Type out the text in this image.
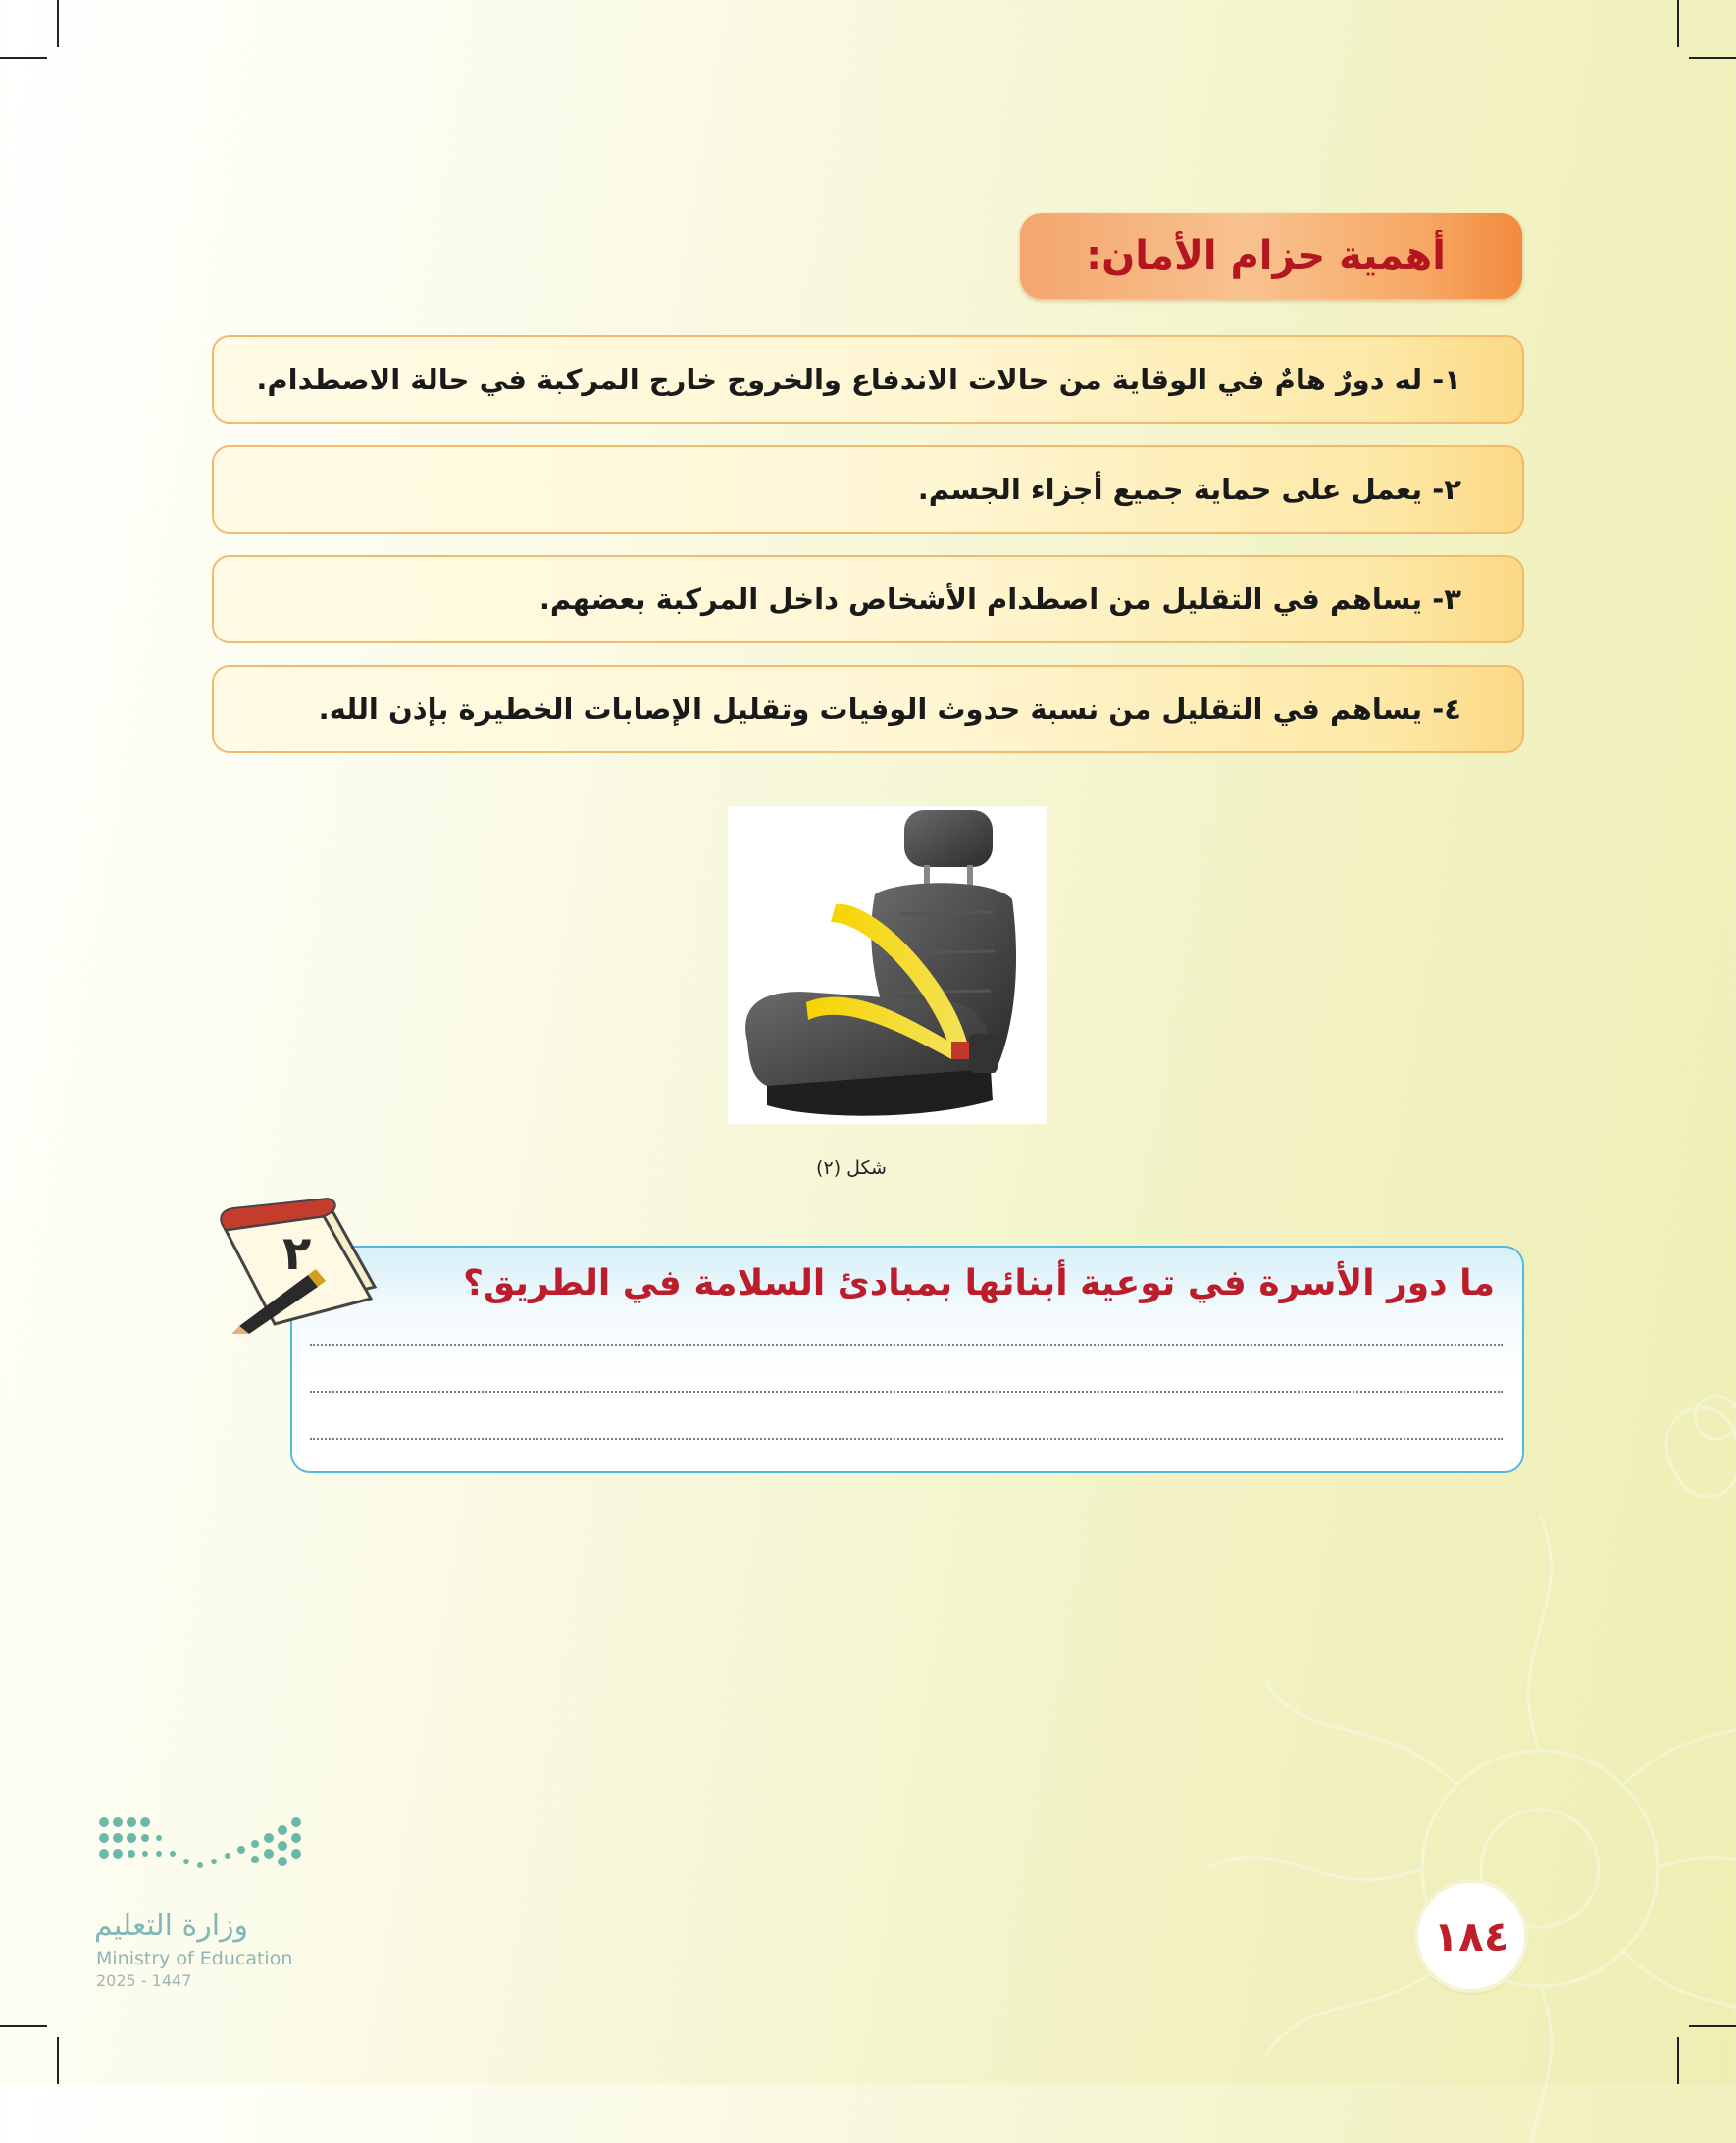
أهمية حزام الأمان:
١- له دورٌ هامٌ في الوقاية من حالات الاندفاع والخروج خارج المركبة في حالة الاصطدام.
٢- يعمل على حماية جميع أجزاء الجسم.
٣- يساهم في التقليل من اصطدام الأشخاص داخل المركبة بعضهم.
٤- يساهم في التقليل من نسبة حدوث الوفيات وتقليل الإصابات الخطيرة بإذن الله.
شكل (٢)
ما دور الأسرة في توعية أبنائها بمبادئ السلامة في الطريق؟
٢
١٨٤
وزارة التعليم
Ministry of Education
2025 - 1447
